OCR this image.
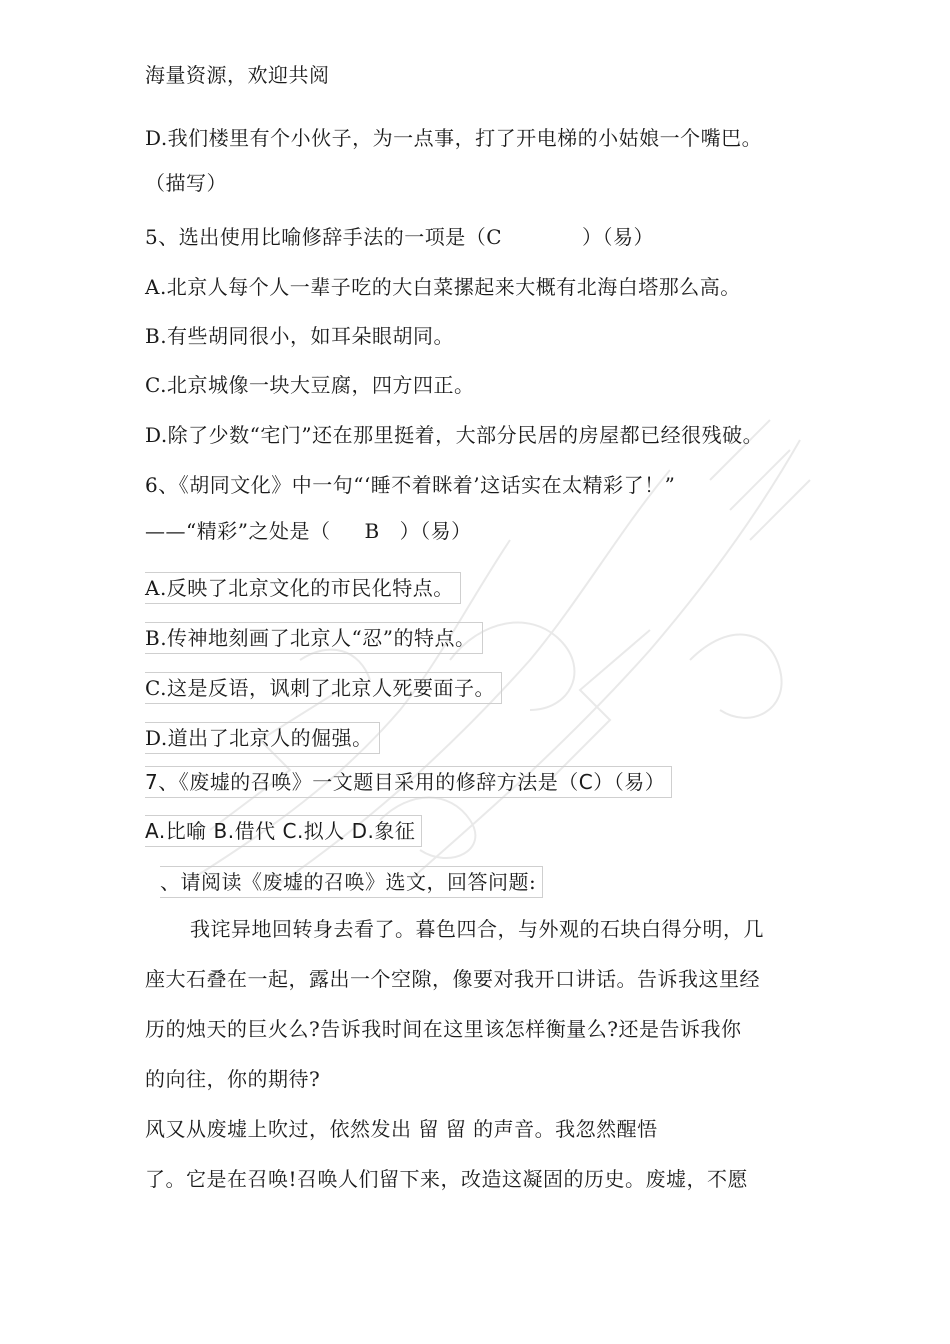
海量资源，欢迎共阅
D.我们楼里有个小伙子，为一点事，打了开电梯的小姑娘一个嘴巴。
（描写）
5、选出使用比喻修辞手法的一项是（C	）（易）
A.北京人每个人一辈子吃的大白菜摞起来大概有北海白塔那么高。
B.有些胡同很小，如耳朵眼胡同。
C.北京城像一块大豆腐，四方四正。
D.除了少数“宅门”还在那里挺着，大部分民居的房屋都已经很残破。
6、《胡同文化》中一句“‘睡不着眯着’这话实在太精彩了！”
——“精彩”之处是（ B ）（易）
A.反映了北京文化的市民化特点。
B.传神地刻画了北京人“忍”的特点。
C.这是反语，讽刺了北京人死要面子。
D.道出了北京人的倔强。
7、《废墟的召唤》一文题目采用的修辞方法是（C）（易）
A.比喻 B.借代 C.拟人 D.象征
、请阅读《废墟的召唤》选文，回答问题:
我诧异地回转身去看了。暮色四合，与外观的石块白得分明，几
座大石叠在一起，露出一个空隙，像要对我开口讲话。告诉我这里经
历的烛天的巨火么?告诉我时间在这里该怎样衡量么?还是告诉我你
的向往，你的期待?
风又从废墟上吹过，依然发出 留 留 的声音。我忽然醒悟
了。它是在召唤!召唤人们留下来，改造这凝固的历史。废墟，不愿
